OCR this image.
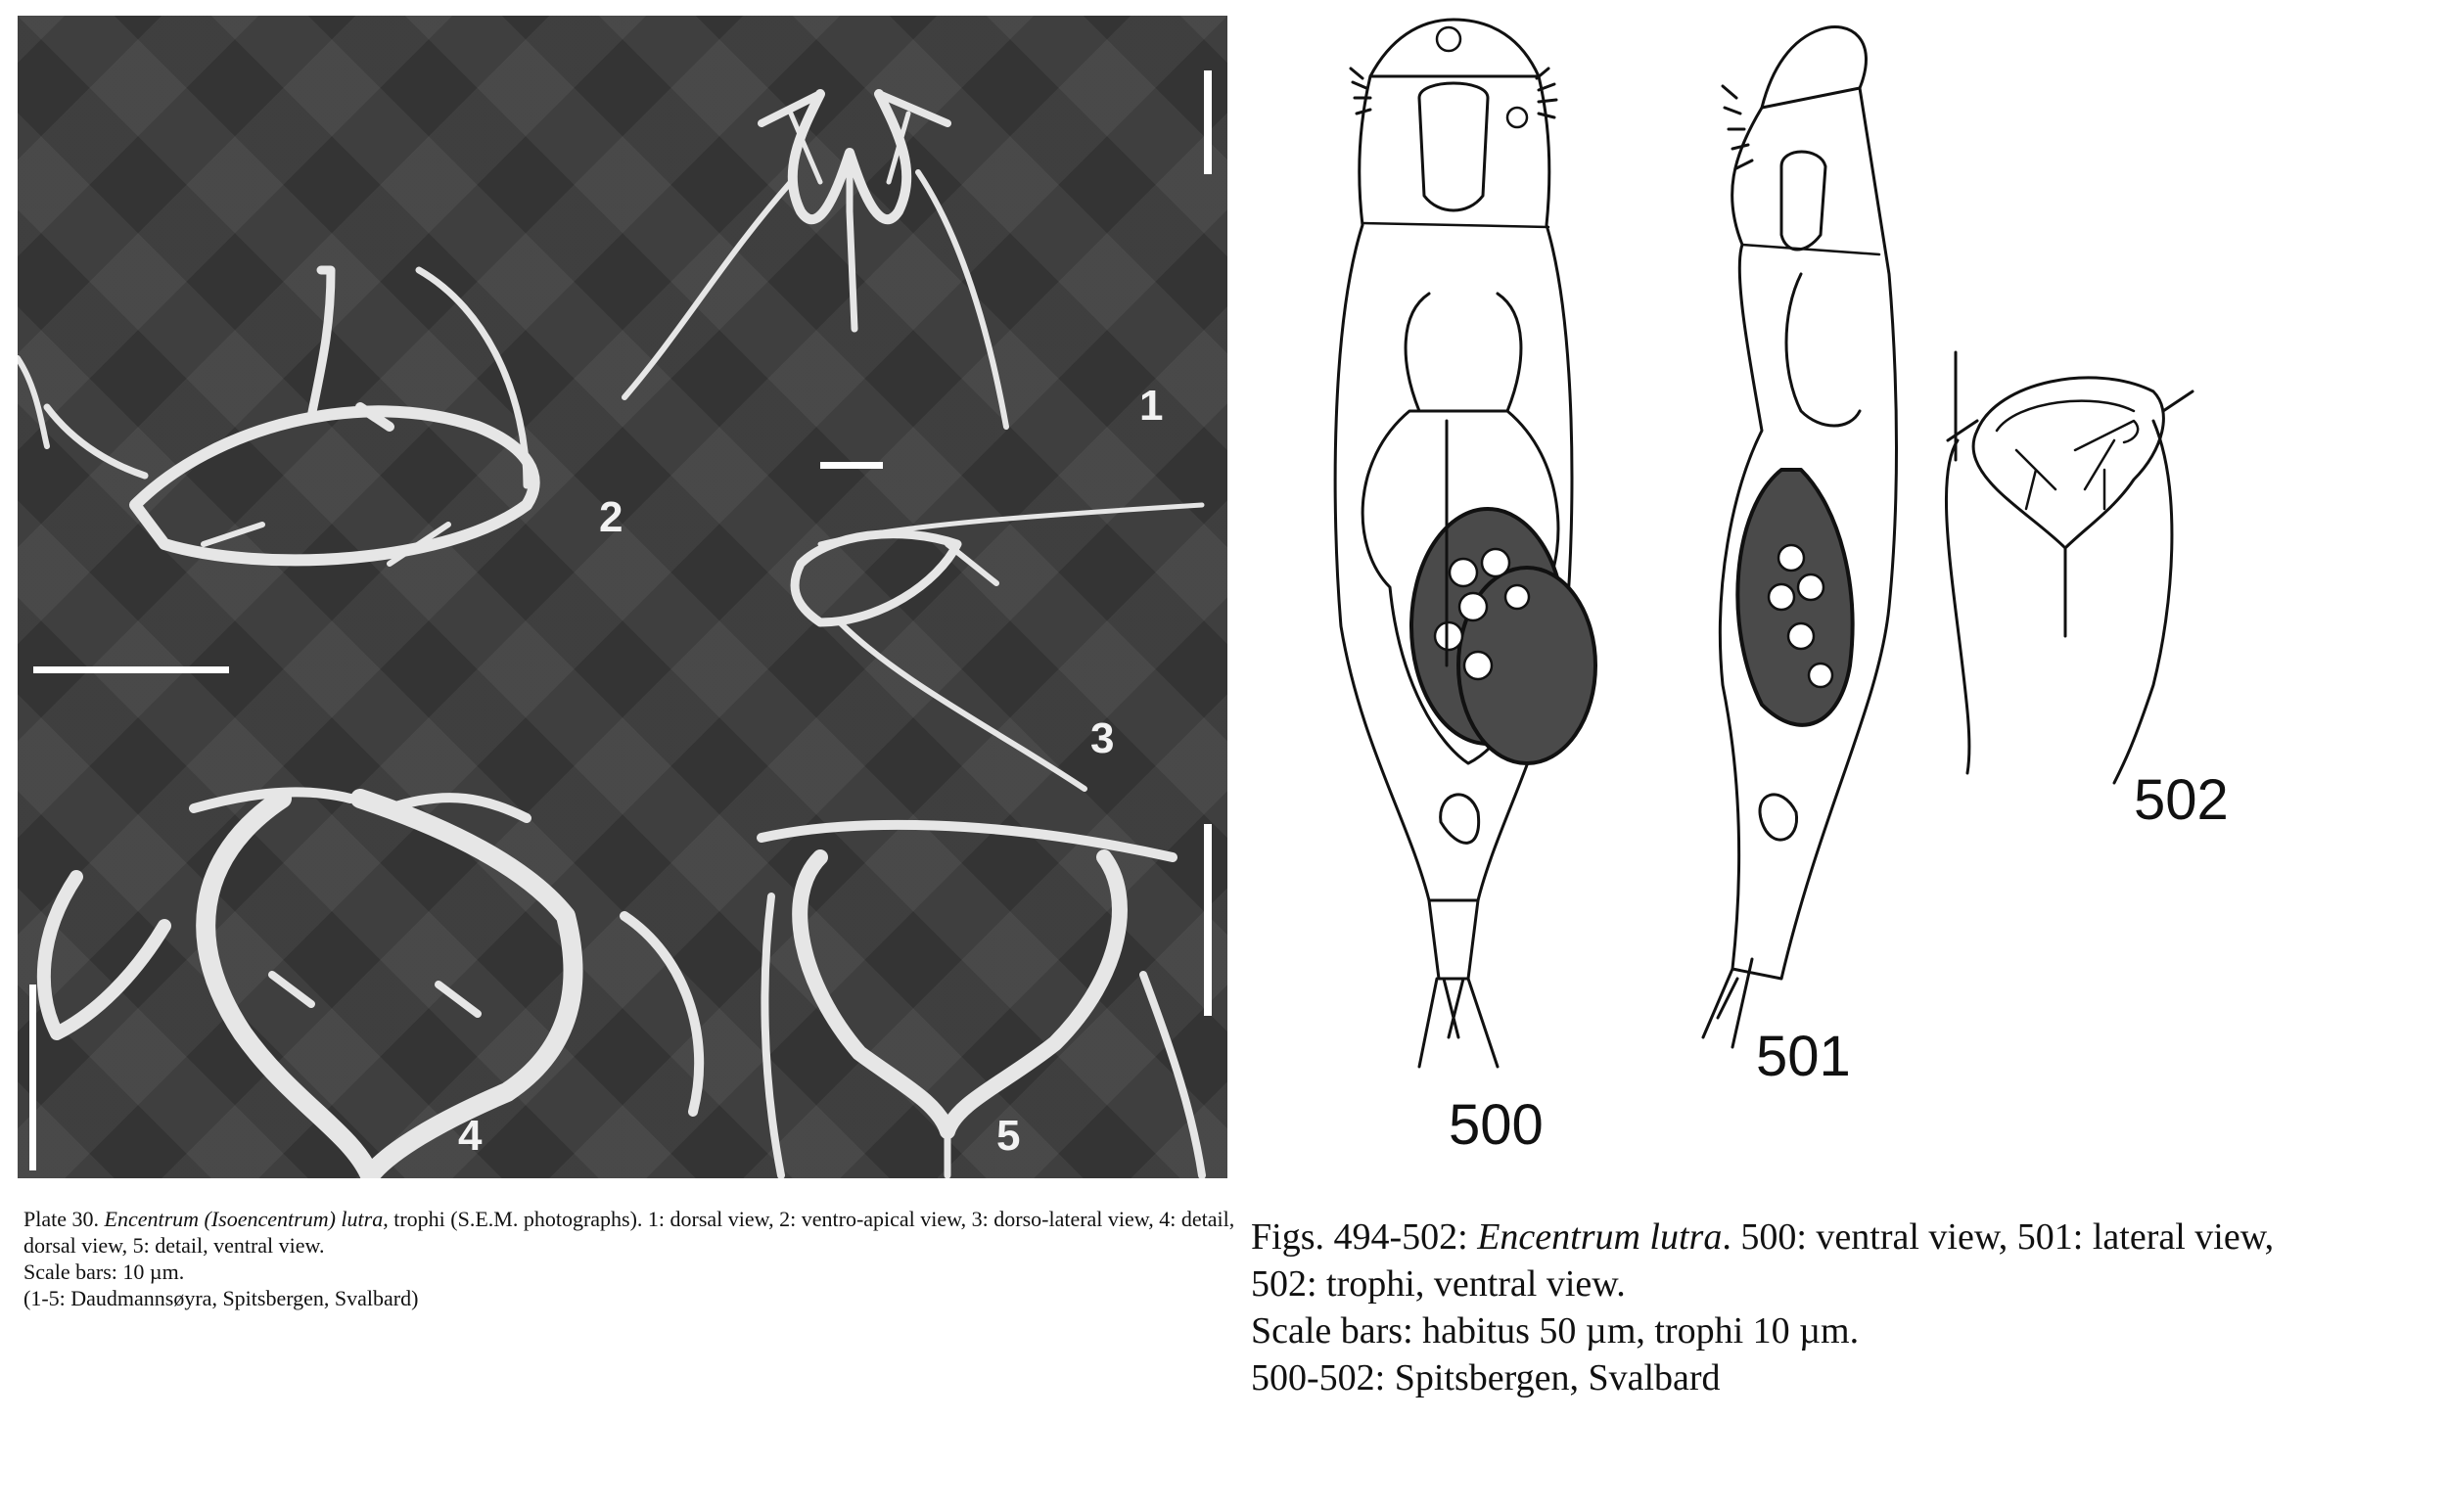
1
2
3
4	5
Plate 30. Encentrum (Isoencentrum) lutra, trophi (S.E.M. photographs). 1: dorsal view, 2: ventro-apical view, 3: dorso-lateral view, 4: detail, dorsal view, 5: detail, ventral view.
Scale bars: 10 µm.
(1-5: Daudmannsøyra, Spitsbergen, Svalbard)
500
501
502
Figs. 494-502: Encentrum lutra. 500: ventral view, 501: lateral view,
502: trophi, ventral view.
Scale bars: habitus 50 µm, trophi 10 µm.
500-502: Spitsbergen, Svalbard
